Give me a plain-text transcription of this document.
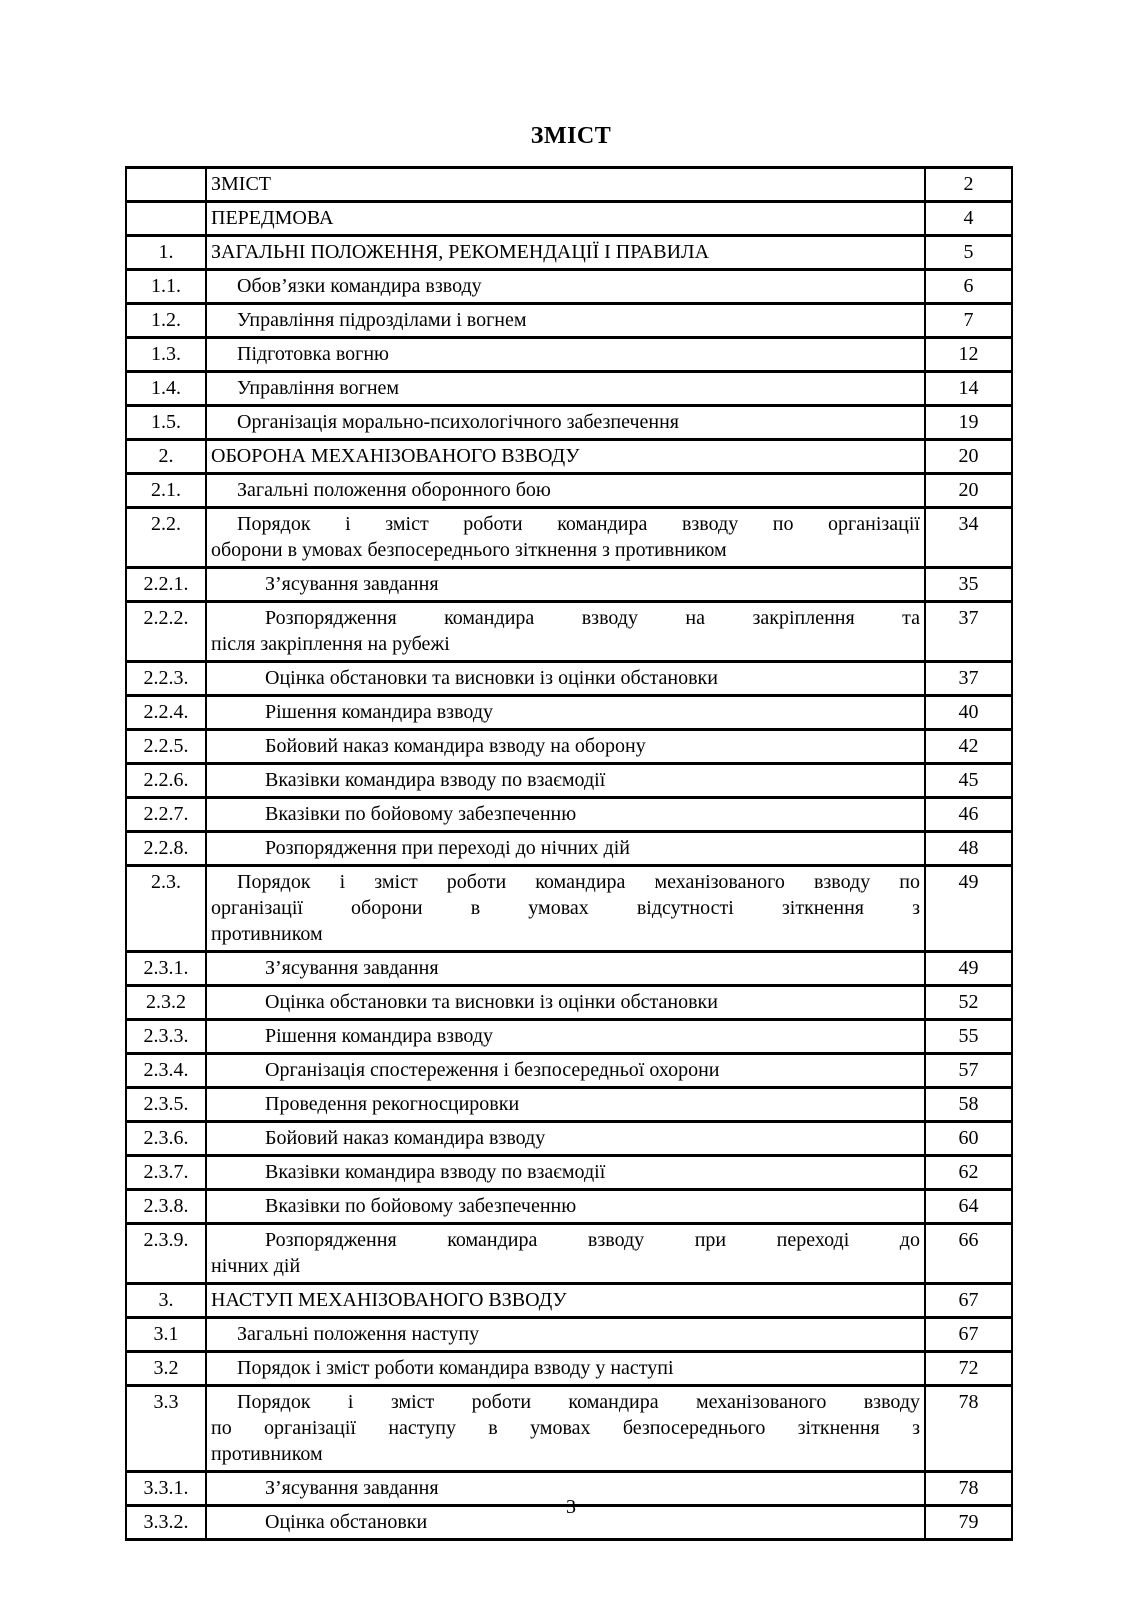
ЗМІСТ

	ЗМІСТ	2

	ПЕРЕДМОВА	4
1.	ЗАГАЛЬНІ ПОЛОЖЕННЯ, РЕКОМЕНДАЦІЇ І ПРАВИЛА	5
1.1.	Обов’язки командира взводу	6
1.2.	Управління підрозділами і вогнем	7
1.3.	Підготовка вогню	12
1.4.	Управління вогнем	14
1.5.	Організація морально-психологічного забезпечення	19
2.	ОБОРОНА МЕХАНІЗОВАНОГО ВЗВОДУ	20
2.1.	Загальні положення оборонного бою	20
2.2.	Порядок і зміст роботи командира взводу по організації
оборони в умовах безпосереднього зіткнення з противником	34
2.2.1.	З’ясування завдання	35
2.2.2.	Розпорядження командира взводу на закріплення та
після закріплення на рубежі	37
2.2.3.	Оцінка обстановки та висновки із оцінки обстановки	37
2.2.4.	Рішення командира взводу	40
2.2.5.	Бойовий наказ командира взводу на оборону	42
2.2.6.	Вказівки командира взводу по взаємодії	45
2.2.7.	Вказівки по бойовому забезпеченню	46
2.2.8.	Розпорядження при переході до нічних дій	48
2.3.	Порядок і зміст роботи командира механізованого взводу по
організації оборони в умовах відсутності зіткнення з
противником	49
2.3.1.	З’ясування завдання	49
2.3.2	Оцінка обстановки та висновки із оцінки обстановки	52
2.3.3.	Рішення командира взводу	55
2.3.4.	Організація спостереження і безпосередньої охорони	57
2.3.5.	Проведення рекогносцировки	58
2.3.6.	Бойовий наказ командира взводу	60
2.3.7.	Вказівки командира взводу по взаємодії	62
2.3.8.	Вказівки по бойовому забезпеченню	64
2.3.9.	Розпорядження командира взводу при переході до
нічних дій	66
3.	НАСТУП МЕХАНІЗОВАНОГО ВЗВОДУ	67
3.1	Загальні положення наступу	67
3.2	Порядок і зміст роботи командира взводу у наступі	72
3.3	Порядок і зміст роботи командира механізованого взводу
по організації наступу в умовах безпосереднього зіткнення з
противником	78
3.3.1.	З’ясування завдання	78
3.3.2.	Оцінка обстановки	79
3
